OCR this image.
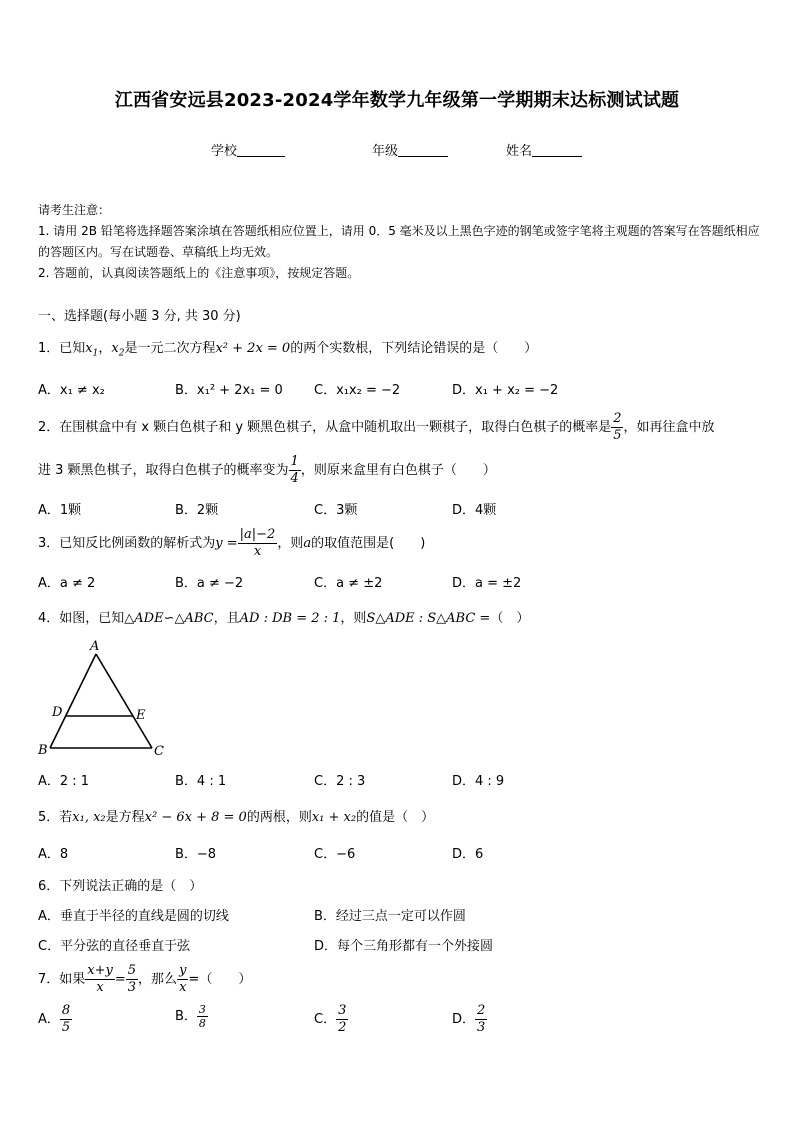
江西省安远县2023-2024学年数学九年级第一学期期末达标测试试题
学校	年级	姓名
请考生注意：
1. 请用 2B 铅笔将选择题答案涂填在答题纸相应位置上，请用 0．5 毫米及以上黑色字迹的钢笔或签字笔将主观题的答案写在答题纸相应的答题区内。写在试题卷、草稿纸上均无效。
2. 答题前，认真阅读答题纸上的《注意事项》，按规定答题。
一、选择题(每小题 3 分, 共 30 分)
1．已知$x_1$，$x_2$是一元二次方程x² + 2x = 0的两个实数根，下列结论错误的是（　　）
A．x₁ ≠ x₂	B．x₁² + 2x₁ = 0 C．x₁x₂ = −2	D．x₁ + x₂ = −2
2．在围棋盒中有 x 颗白色棋子和 y 颗黑色棋子，从盒中随机取出一颗棋子，取得白色棋子的概率是 $\frac{2}{5}$ ，如再往盒中放
进 3 颗黑色棋子，取得白色棋子的概率变为 $\frac{1}{4}$ ，则原来盒里有白色棋子（　　）
A．1颗	B．2颗	C．3颗	D．4颗
3．已知反比例函数的解析式为$y = \frac{|a|-2}{x}$ ，则a的取值范围是(　　)
A．a ≠ 2	B．a ≠ −2	C．a ≠ ±2	D．a = ±2
4．如图，已知△ADE∽△ABC，且AD : DB = 2 : 1，则S△ADE : S△ABC =（　）
A
D	E
B	C
A．2 : 1	B．4 : 1	C．2 : 3	D．4 : 9
5．若x₁, x₂是方程x² − 6x + 8 = 0的两根，则x₁ + x₂的值是（　）
A．8	B．−8	C．−6	D．6
6．下列说法正确的是（　）
A．垂直于半径的直线是圆的切线	B．经过三点一定可以作圆
C．平分弦的直径垂直于弦	D．每个三角形都有一个外接圆
7．如果 $\frac{x+y}{x} = \frac{5}{3}$ ，那么 $\frac{y}{x}$ =（　　）
A． $\frac{8}{5}$	B． $\frac{3}{8}$	C． $\frac{3}{2}$	D． $\frac{2}{3}$
